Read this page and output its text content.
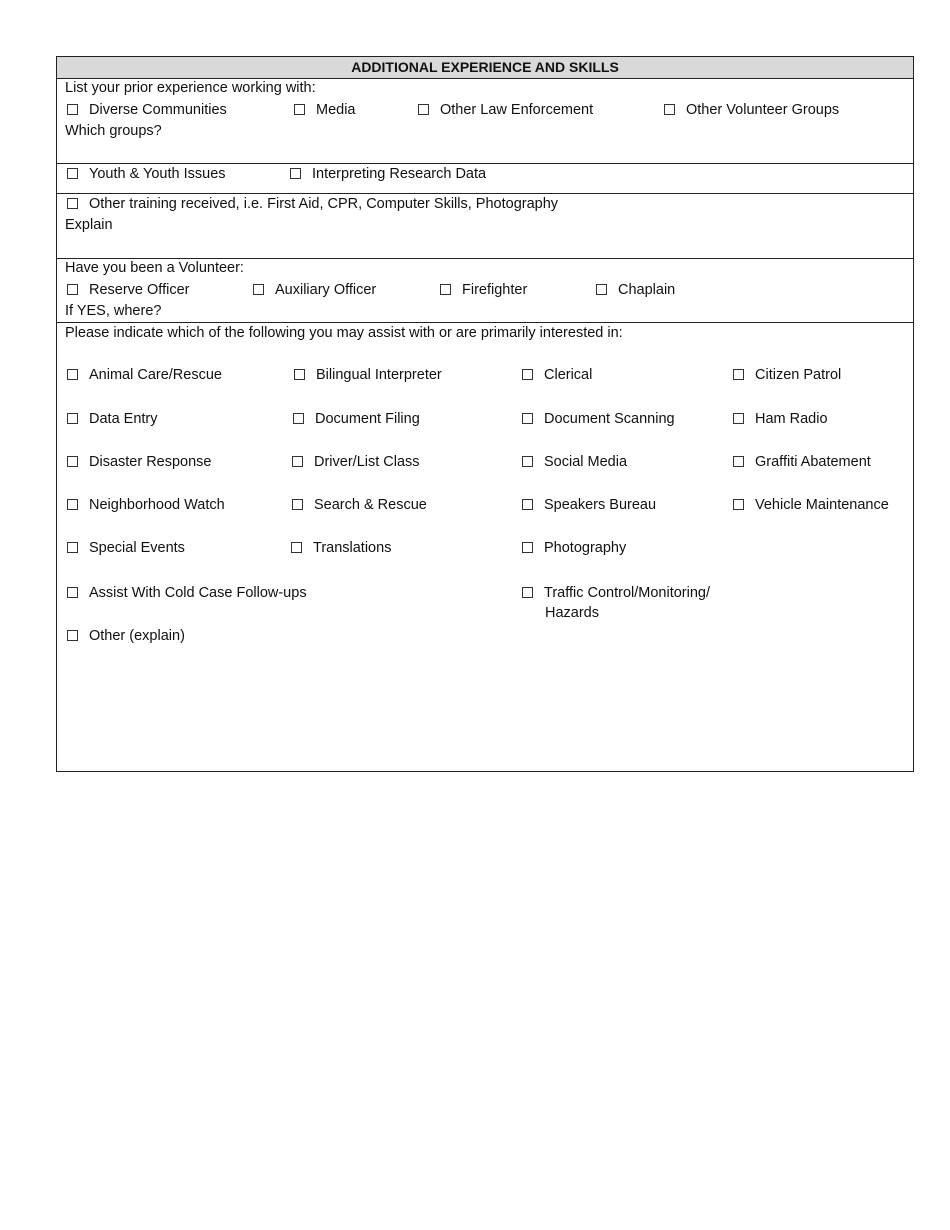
ADDITIONAL EXPERIENCE AND SKILLS
List your prior experience working with:
Diverse Communities	Media	Other Law Enforcement	Other Volunteer Groups
Which groups?
Youth & Youth Issues	Interpreting Research Data
Other training received, i.e. First Aid, CPR, Computer Skills, Photography
Explain
Have you been a Volunteer:
Reserve Officer	Auxiliary Officer	Firefighter	Chaplain
If YES, where?
Please indicate which of the following you may assist with or are primarily interested in:
Animal Care/Rescue	Bilingual Interpreter	Clerical	Citizen Patrol
Data Entry	Document Filing	Document Scanning	Ham Radio
Disaster Response	Driver/List Class	Social Media	Graffiti Abatement
Neighborhood Watch	Search & Rescue	Speakers Bureau	Vehicle Maintenance
Special Events	Translations	Photography
Assist With Cold Case Follow-ups	Traffic Control/Monitoring/
Hazards
Other (explain)
